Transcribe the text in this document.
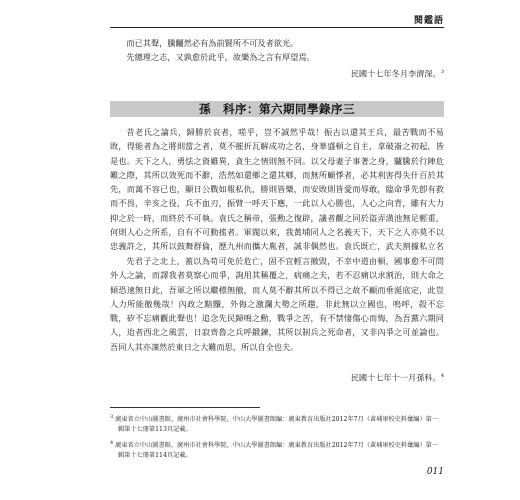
閱鑑語

而已其聲，騰矚然必有為前賢所不可及者欲光。

先總理之志，又孰愈於此乎，故樂為之言有厚望焉。

民國十七年冬月李濟深。$^3$

孫　科序：第六期同學錄序三

昔老氏之論兵，歸勝於哀者，嗟乎，豈不誠然乎哉！振古以還其王兵，最苦戰而不易敗，得能者為之將則當之者，莫不摧折瓦解成功之名，身華盛頓之自主，拿破崙之初起，皆是也。天下之人，勇怯之資雖異，貪生之情則無不同。以父母妻子事著之身，驢騰於行陣危難之際，其所以效死而不辭，浩然如還鄉之還其鄉，而無所顧悸者，必其利害得失什百於其先，而萬不容已也，顯日公戰如報私仇，勝則皆樂，而安敗則皆愛而辱敢，臨命爭先卽有救而不畏，辛亥之役，兵不血刃，振臂一呼天下應，一此以人心勝也，人心之向背，雖有大力抑之於一時，而終於不可執。袁氏之稱帝，張勳之復辟，議者觀之同於盜弄潢池無足輕重，何則人心之所系，自有不可動搖者。軍閥以來，我黃埔同人之名義天下，天下之人亦莫不以忠義許之，其所以鼓舞群倫，歷九州而攜大胤者，誠非偶然也。袁氏既亡，武夫割據私立名

先君子之北上，蓋以為苟可免於危亡，固不宜輕言撤毀，不幸中道由頓，國事愈不可問外人之論，而譯我者莫察心而爭，詢用其稱覆之，病痛之夫，若不忍痛以求割治，則大命之傾恐速無日此，吾軍之所以繼標無撤，而人莫不辭其所以不得已之故不顧而垂涎底定，此豈人力所能徼幾哉！內政之黯黷，外侮之激瀾大勢之所趨，非此無以立國也，嗚呼，殺不忘戰，矽不忘痛觀此聲也！追念先民歸鳴之勳，戰爭之苦，有不禁悽傷心而悔，為吾黨六期同人，迨者西北之風雲，日寂齊魯之兵呼鍛鍊，其所以制兵之死命者，又非內爭之可並論也。吾同人其亦凜然於東日之大難而思，所以自全也夫。

民國十七年十一月孫科。$^4$

$^3$ 廣東省立中山圖書館、廣州市社會科學院、中山大學圖書館編：廣東教育出版社2012年7月（黃埔軍校史料彙編）第一輯第十七冊第113頁記載。

$^4$ 廣東省立中山圖書館、廣州市社會科學院、中山大學圖書館編：廣東教育出版社2012年7月（黃埔軍校史料彙編）第一輯第十七冊第114頁記載。

011
